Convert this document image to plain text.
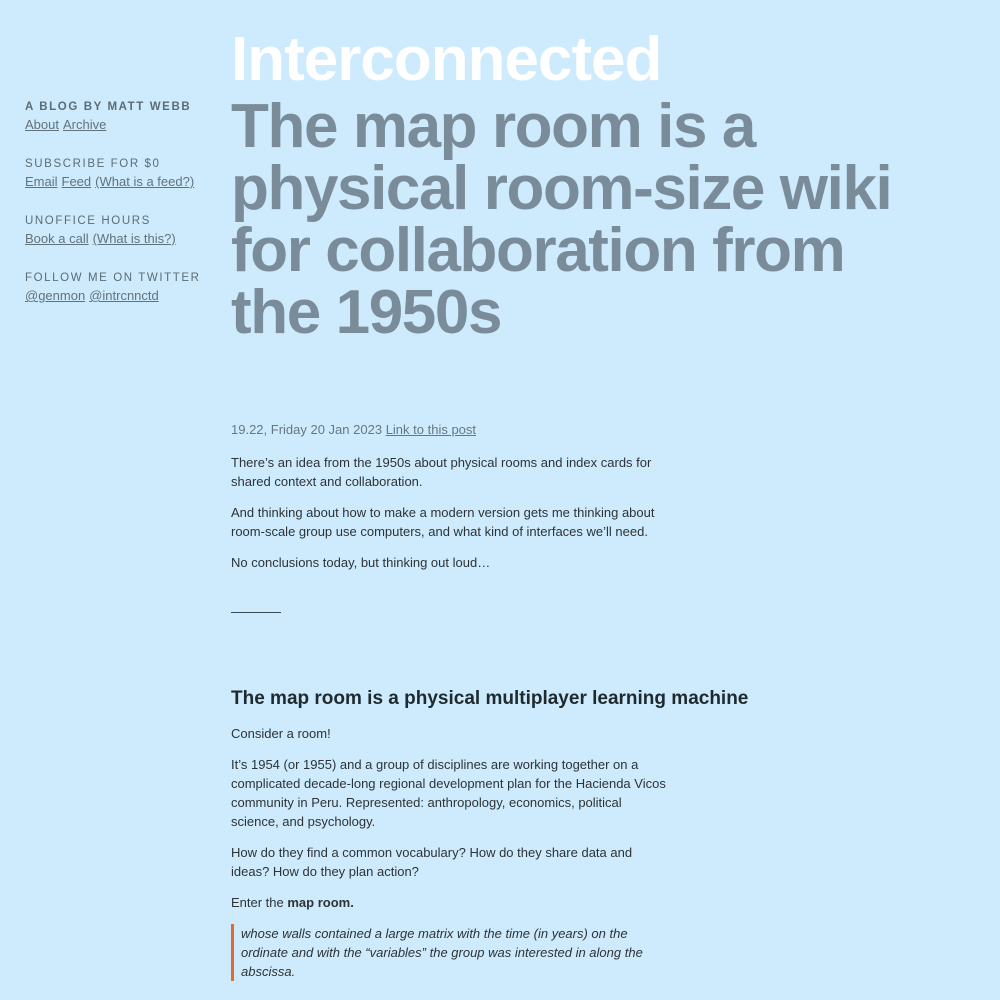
A BLOG BY MATT WEBB
About Archive
SUBSCRIBE FOR $0
Email Feed (What is a feed?)
UNOFFICE HOURS
Book a call (What is this?)
FOLLOW ME ON TWITTER
@genmon @intrcnnctd
Interconnected
The map room is a physical room-size wiki for collaboration from the 1950s
19.22, Friday 20 Jan 2023 Link to this post

There’s an idea from the 1950s about physical rooms and index cards for shared context and collaboration.

And thinking about how to make a modern version gets me thinking about room-scale group use computers, and what kind of interfaces we’ll need.

No conclusions today, but thinking out loud…

The map room is a physical multiplayer learning machine

Consider a room!

It’s 1954 (or 1955) and a group of disciplines are working together on a complicated decade-long regional development plan for the Hacienda Vicos community in Peru. Represented: anthropology, economics, political science, and psychology.

How do they find a common vocabulary? How do they share data and ideas? How do they plan action?

Enter the map room.

whose walls contained a large matrix with the time (in years) on the ordinate and with the “variables” the group was interested in along the abscissa.
